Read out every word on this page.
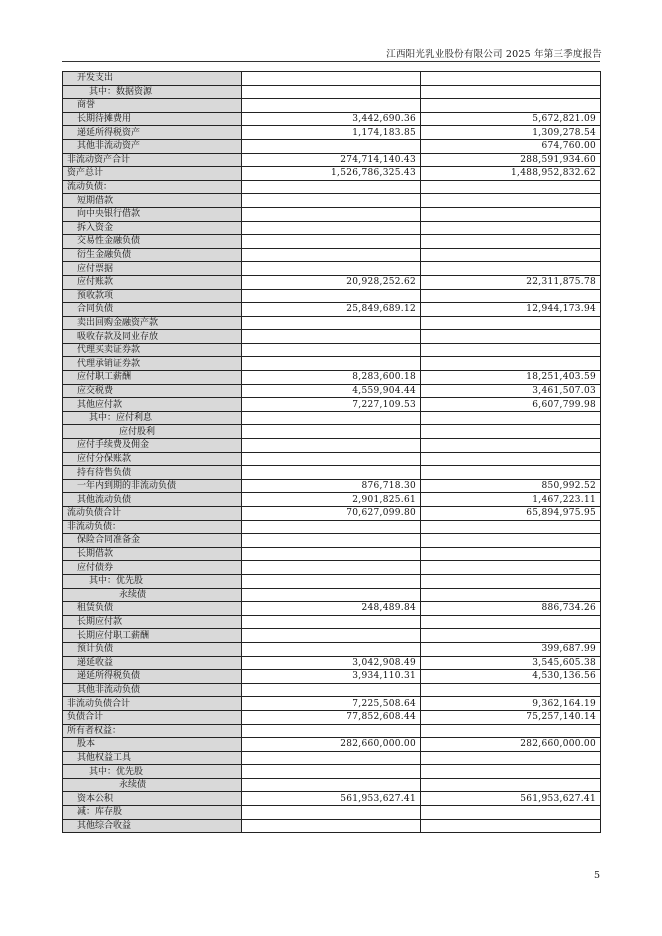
江西阳光乳业股份有限公司 2025 年第三季度报告
开发支出		
其中：数据资源		
商誉		
长期待摊费用	3,442,690.36	5,672,821.09
递延所得税资产	1,174,183.85	1,309,278.54
其他非流动资产		674,760.00
非流动资产合计	274,714,140.43	288,591,934.60
资产总计	1,526,786,325.43	1,488,952,832.62
流动负债：		
短期借款		
向中央银行借款		
拆入资金		
交易性金融负债		
衍生金融负债		
应付票据		
应付账款	20,928,252.62	22,311,875.78
预收款项		
合同负债	25,849,689.12	12,944,173.94
卖出回购金融资产款		
吸收存款及同业存放		
代理买卖证券款		
代理承销证券款		
应付职工薪酬	8,283,600.18	18,251,403.59
应交税费	4,559,904.44	3,461,507.03
其他应付款	7,227,109.53	6,607,799.98
其中：应付利息		
应付股利		
应付手续费及佣金		
应付分保账款		
持有待售负债		
一年内到期的非流动负债	876,718.30	850,992.52
其他流动负债	2,901,825.61	1,467,223.11
流动负债合计	70,627,099.80	65,894,975.95
非流动负债：		
保险合同准备金		
长期借款		
应付债券		
其中：优先股		
永续债		
租赁负债	248,489.84	886,734.26
长期应付款		
长期应付职工薪酬		
预计负债		399,687.99
递延收益	3,042,908.49	3,545,605.38
递延所得税负债	3,934,110.31	4,530,136.56
其他非流动负债		
非流动负债合计	7,225,508.64	9,362,164.19
负债合计	77,852,608.44	75,257,140.14
所有者权益：		
股本	282,660,000.00	282,660,000.00
其他权益工具		
其中：优先股		
永续债		
资本公积	561,953,627.41	561,953,627.41
减：库存股		
其他综合收益		
5
